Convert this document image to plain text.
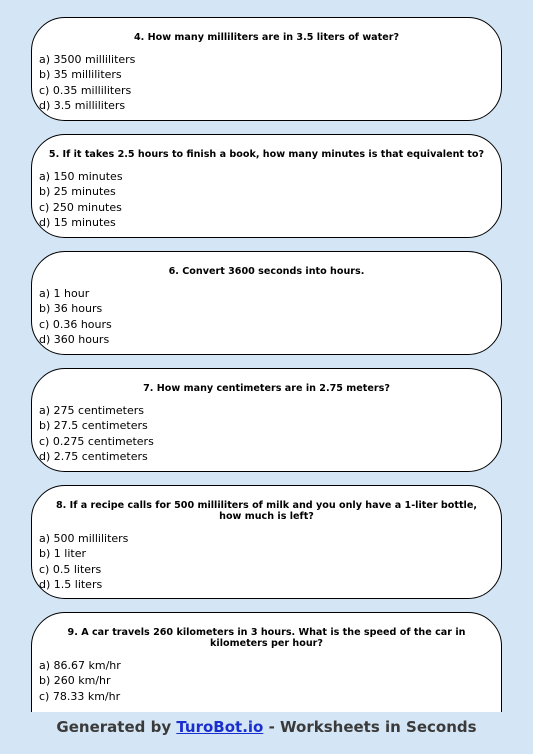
4. How many milliliters are in 3.5 liters of water?
a) 3500 milliliters
b) 35 milliliters
c) 0.35 milliliters
d) 3.5 milliliters
5. If it takes 2.5 hours to finish a book, how many minutes is that equivalent to?
a) 150 minutes
b) 25 minutes
c) 250 minutes
d) 15 minutes
6. Convert 3600 seconds into hours.
a) 1 hour
b) 36 hours
c) 0.36 hours
d) 360 hours
7. How many centimeters are in 2.75 meters?
a) 275 centimeters
b) 27.5 centimeters
c) 0.275 centimeters
d) 2.75 centimeters
8. If a recipe calls for 500 milliliters of milk and you only have a 1-liter bottle, how much is left?
a) 500 milliliters
b) 1 liter
c) 0.5 liters
d) 1.5 liters
9. A car travels 260 kilometers in 3 hours. What is the speed of the car in kilometers per hour?
a) 86.67 km/hr
b) 260 km/hr
c) 78.33 km/hr
Generated by TuroBot.io - Worksheets in Seconds
